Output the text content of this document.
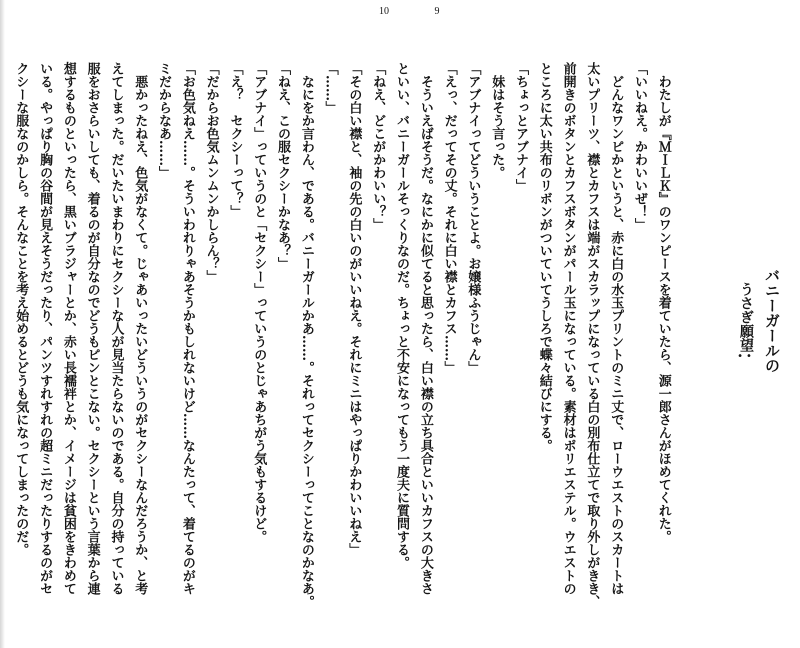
10	9
バニーガールの
うさぎ願望
••
わたしが『ＭＩＬＫ』のワンピースを着ていたら、源一郎さんがほめてくれた。
「いいねえ。かわいいぜ！」
どんなワンピかというと、赤に白の水玉プリントのミニ丈で、ローウエストのスカートは
太いプリーツ、襟とカフスは端がスカラップになっている白の別布仕立てで取り外しがきき、
前開きのボタンとカフスボタンがパール玉になっている。素材はポリエステル。ウエストの
ところに太い共布のリボンがついていてうしろで蝶々結びにする。
「ちょっとアブナイ」
妹はそう言った。
「アブナイってどういうことよ。お嬢様ふうじゃん」
「えっ、だってその丈。それに白い襟とカフス……」
そういえばそうだ。なにかに似てると思ったら、白い襟の立ち具合といいカフスの大きさ
といい、バニーガールそっくりなのだ。ちょっと不安になってもう一度夫に質問する。
「ねえ、どこがかわいい？」
「その白い襟と、袖の先の白いのがいいねえ。それにミニはやっぱりかわいいねえ」
「……」
なにをか言わん、である。バニーガールかあ……。それってセクシーってことなのかなあ。
「ねえ、この服セクシーかなあ？」
「アブナイ」っていうのと「セクシー」っていうのとじゃあちがう気もするけど。
「え？　セクシーって？」
「だからお色気ムンムンかしらん？」
「お色気ねえ……。そういわれりゃあそうかもしれないけど……なんたって、着てるのがキ
ミだからなあ……」
悪かったねえ、色気がなくて。じゃあいったいどういうのがセクシーなんだろうか、と考
えてしまった。だいたいまわりにセクシーな人が見当たらないのである。自分の持っている
服をおさらいしても、着るのが自分なのでどうもピンとこない。セクシーという言葉から連
想するものといったら、黒いブラジャーとか、赤い長襦袢とか、イメージは貧困をきわめて
いる。やっぱり胸の谷間が見えそうだったり、パンツすれすれの超ミニだったりするのがセ
クシーな服なのかしら。そんなことを考え始めるとどうも気になってしまったのだ。
